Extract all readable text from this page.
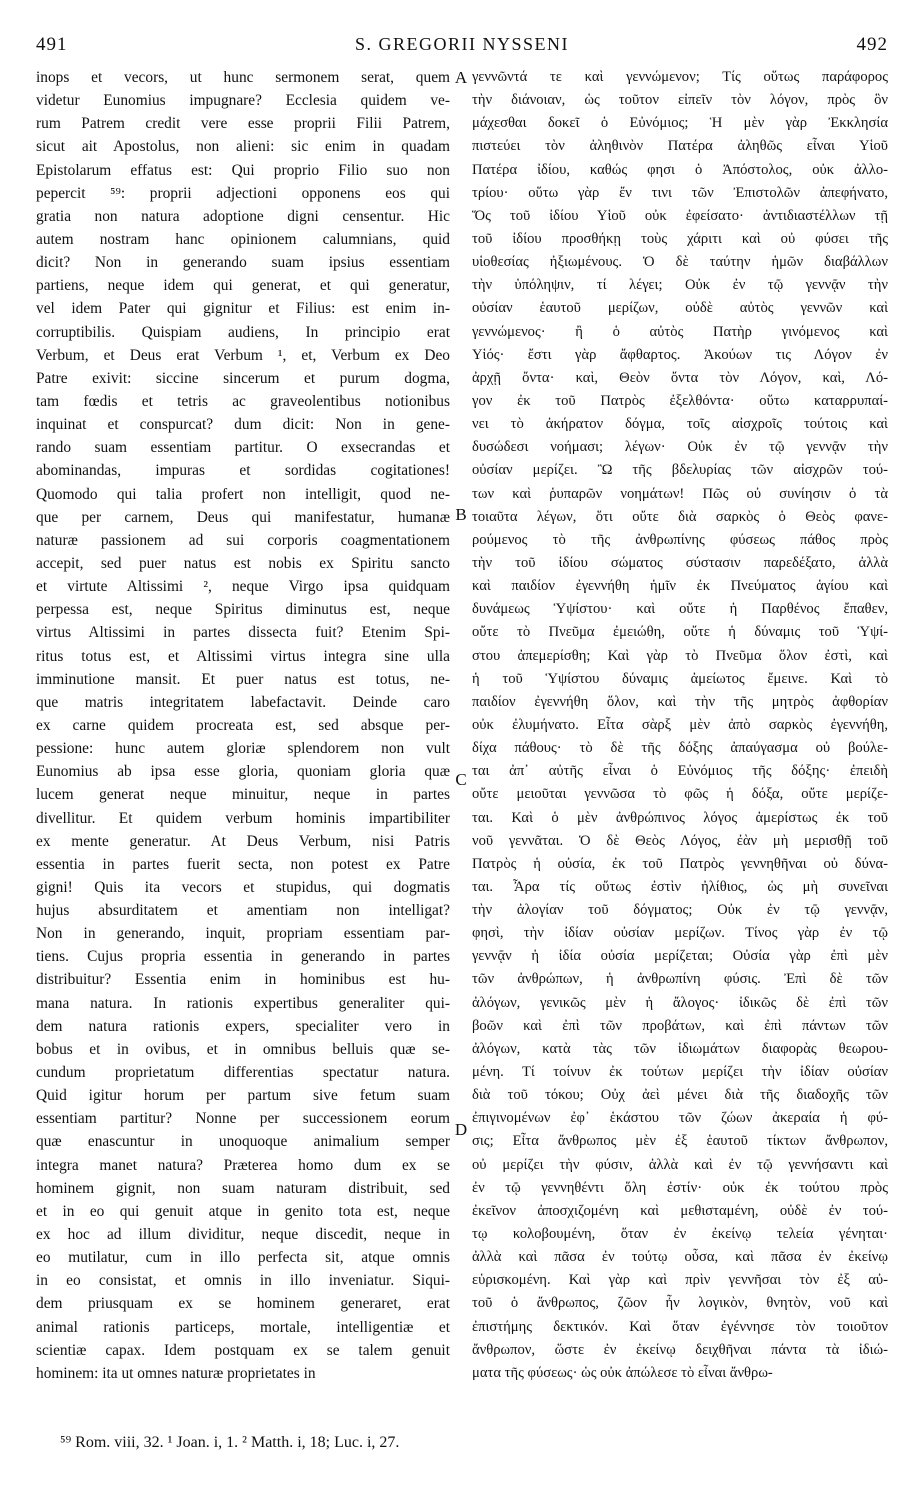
491	S. GREGORII NYSSENI	492
inops et vecors, ut hunc sermonem serat, quem
videtur Eunomius impugnare? Ecclesia quidem ve-
rum Patrem credit vere esse proprii Filii Patrem,
sicut ait Apostolus, non alieni: sic enim in quadam
Epistolarum effatus est: Qui proprio Filio suo non
pepercit ⁵⁹: proprii adjectioni opponens eos qui
gratia non natura adoptione digni censentur. Hic
autem nostram hanc opinionem calumnians, quid
dicit? Non in generando suam ipsius essentiam
partiens, neque idem qui generat, et qui generatur,
vel idem Pater qui gignitur et Filius: est enim in-
corruptibilis. Quispiam audiens, In principio erat
Verbum, et Deus erat Verbum ¹, et, Verbum ex Deo
Patre exivit: siccine sincerum et purum dogma,
tam fœdis et tetris ac graveolentibus notionibus
inquinat et conspurcat? dum dicit: Non in gene-
rando suam essentiam partitur. O exsecrandas et
abominandas, impuras et sordidas cogitationes!
Quomodo qui talia profert non intelligit, quod ne-
que per carnem, Deus qui manifestatur, humanæ
naturæ passionem ad sui corporis coagmentationem
accepit, sed puer natus est nobis ex Spiritu sancto
et virtute Altissimi ², neque Virgo ipsa quidquam
perpessa est, neque Spiritus diminutus est, neque
virtus Altissimi in partes dissecta fuit? Etenim Spi-
ritus totus est, et Altissimi virtus integra sine ulla
imminutione mansit. Et puer natus est totus, ne-
que matris integritatem labefactavit. Deinde caro
ex carne quidem procreata est, sed absque per-
pessione: hunc autem gloriæ splendorem non vult
Eunomius ab ipsa esse gloria, quoniam gloria quæ
lucem generat neque minuitur, neque in partes
divellitur. Et quidem verbum hominis impartibiliter
ex mente generatur. At Deus Verbum, nisi Patris
essentia in partes fuerit secta, non potest ex Patre
gigni! Quis ita vecors et stupidus, qui dogmatis
hujus absurditatem et amentiam non intelligat?
Non in generando, inquit, propriam essentiam par-
tiens. Cujus propria essentia in generando in partes
distribuitur? Essentia enim in hominibus est hu-
mana natura. In rationis expertibus generaliter qui-
dem natura rationis expers, specialiter vero in
bobus et in ovibus, et in omnibus belluis quæ se-
cundum proprietatum differentias spectatur natura.
Quid igitur horum per partum sive fetum suam
essentiam partitur? Nonne per successionem eorum
quæ enascuntur in unoquoque animalium semper
integra manet natura? Præterea homo dum ex se
hominem gignit, non suam naturam distribuit, sed
et in eo qui genuit atque in genito tota est, neque
ex hoc ad illum dividitur, neque discedit, neque in
eo mutilatur, cum in illo perfecta sit, atque omnis
in eo consistat, et omnis in illo inveniatur. Siqui-
dem priusquam ex se hominem generaret, erat
animal rationis particeps, mortale, intelligentiæ et
scientiæ capax. Idem postquam ex se talem genuit
hominem: ita ut omnes naturæ proprietates in
A
B
C
D
γεννῶντά τε καὶ γεννώμενον; Τίς οὕτως παράφορος
τὴν διάνοιαν, ὡς τοῦτον εἰπεῖν τὸν λόγον, πρὸς ὃν
μάχεσθαι δοκεῖ ὁ Εὐνόμιος; Ἡ μὲν γὰρ Ἐκκλησία
πιστεύει τὸν ἀληθινὸν Πατέρα ἀληθῶς εἶναι Υἱοῦ
Πατέρα ἰδίου, καθώς φησι ὁ Ἀπόστολος, οὐκ ἀλλο-
τρίου· οὕτω γὰρ ἔν τινι τῶν Ἐπιστολῶν ἀπεφήνατο,
Ὅς τοῦ ἰδίου Υἱοῦ οὐκ ἐφείσατο· ἀντιδιαστέλλων τῇ
τοῦ ἰδίου προσθήκῃ τοὺς χάριτι καὶ οὐ φύσει τῆς
υἱοθεσίας ἠξιωμένους. Ὁ δὲ ταύτην ἡμῶν διαβάλλων
τὴν ὑπόληψιν, τί λέγει; Οὐκ ἐν τῷ γεννᾷν τὴν
οὐσίαν ἑαυτοῦ μερίζων, οὐδὲ αὐτὸς γεννῶν καὶ
γεννώμενος· ἢ ὁ αὐτὸς Πατὴρ γινόμενος καὶ
Υἱός· ἔστι γὰρ ἄφθαρτος. Ἀκούων τις Λόγον ἐν
ἀρχῇ ὄντα· καὶ, Θεὸν ὄντα τὸν Λόγον, καὶ, Λό-
γον ἐκ τοῦ Πατρὸς ἐξελθόντα· οὕτω καταρρυπαί-
νει τὸ ἀκήρατον δόγμα, τοῖς αἰσχροῖς τούτοις καὶ
δυσώδεσι νοήμασι; λέγων· Οὐκ ἐν τῷ γεννᾷν τὴν
οὐσίαν μερίζει. Ὢ τῆς βδελυρίας τῶν αἰσχρῶν τού-
των καὶ ῥυπαρῶν νοημάτων! Πῶς οὐ συνίησιν ὁ τὰ
τοιαῦτα λέγων, ὅτι οὔτε διὰ σαρκὸς ὁ Θεὸς φανε-
ρούμενος τὸ τῆς ἀνθρωπίνης φύσεως πάθος πρὸς
τὴν τοῦ ἰδίου σώματος σύστασιν παρεδέξατο, ἀλλὰ
καὶ παιδίον ἐγεννήθη ἡμῖν ἐκ Πνεύματος ἁγίου καὶ
δυνάμεως Ὑψίστου· καὶ οὔτε ἡ Παρθένος ἔπαθεν,
οὔτε τὸ Πνεῦμα ἐμειώθη, οὔτε ἡ δύναμις τοῦ Ὑψί-
στου ἀπεμερίσθη; Καὶ γὰρ τὸ Πνεῦμα ὅλον ἐστὶ, καὶ
ἡ τοῦ Ὑψίστου δύναμις ἀμείωτος ἔμεινε. Καὶ τὸ
παιδίον ἐγεννήθη ὅλον, καὶ τὴν τῆς μητρὸς ἀφθορίαν
οὐκ ἐλυμήνατο. Εἶτα σὰρξ μὲν ἀπὸ σαρκὸς ἐγεννήθη,
δίχα πάθους· τὸ δὲ τῆς δόξης ἀπαύγασμα οὐ βούλε-
ται ἀπ᾿ αὐτῆς εἶναι ὁ Εὐνόμιος τῆς δόξης· ἐπειδὴ
οὔτε μειοῦται γεννῶσα τὸ φῶς ἡ δόξα, οὔτε μερίζε-
ται. Καὶ ὁ μὲν ἀνθρώπινος λόγος ἀμερίστως ἐκ τοῦ
νοῦ γεννᾶται. Ὁ δὲ Θεὸς Λόγος, ἐὰν μὴ μερισθῇ τοῦ
Πατρὸς ἡ οὐσία, ἐκ τοῦ Πατρὸς γεννηθῆναι οὐ δύνα-
ται. Ἆρα τίς οὕτως ἐστὶν ἠλίθιος, ὡς μὴ συνεῖναι
τὴν ἀλογίαν τοῦ δόγματος; Οὐκ ἐν τῷ γεννᾷν,
φησὶ, τὴν ἰδίαν οὐσίαν μερίζων. Τίνος γὰρ ἐν τῷ
γεννᾷν ἡ ἰδία οὐσία μερίζεται; Οὐσία γὰρ ἐπὶ μὲν
τῶν ἀνθρώπων, ἡ ἀνθρωπίνη φύσις. Ἐπὶ δὲ τῶν
ἀλόγων, γενικῶς μὲν ἡ ἄλογος· ἰδικῶς δὲ ἐπὶ τῶν
βοῶν καὶ ἐπὶ τῶν προβάτων, καὶ ἐπὶ πάντων τῶν
ἀλόγων, κατὰ τὰς τῶν ἰδιωμάτων διαφορὰς θεωρου-
μένη. Τί τοίνυν ἐκ τούτων μερίζει τὴν ἰδίαν οὐσίαν
διὰ τοῦ τόκου; Οὐχ ἀεὶ μένει διὰ τῆς διαδοχῆς τῶν
ἐπιγινομένων ἐφ᾿ ἑκάστου τῶν ζώων ἀκεραία ἡ φύ-
σις; Εἶτα ἄνθρωπος μὲν ἐξ ἑαυτοῦ τίκτων ἄνθρωπον,
οὐ μερίζει τὴν φύσιν, ἀλλὰ καὶ ἐν τῷ γεννήσαντι καὶ
ἐν τῷ γεννηθέντι ὅλη ἐστίν· οὐκ ἐκ τούτου πρὸς
ἐκεῖνον ἀποσχιζομένη καὶ μεθισταμένη, οὐδὲ ἐν τού-
τῳ κολοβουμένη, ὅταν ἐν ἐκείνῳ τελεία γένηται·
ἀλλὰ καὶ πᾶσα ἐν τούτῳ οὖσα, καὶ πᾶσα ἐν ἐκείνῳ
εὑρισκομένη. Καὶ γὰρ καὶ πρὶν γεννῆσαι τὸν ἐξ αὐ-
τοῦ ὁ ἄνθρωπος, ζῶον ἦν λογικὸν, θνητὸν, νοῦ καὶ
ἐπιστήμης δεκτικόν. Καὶ ὅταν ἐγέννησε τὸν τοιοῦτον
ἄνθρωπον, ὥστε ἐν ἐκείνῳ δειχθῆναι πάντα τὰ ἰδιώ-
ματα τῆς φύσεως· ὡς οὐκ ἀπώλεσε τὸ εἶναι ἄνθρω-
⁵⁹ Rom. viii, 32. ¹ Joan. i, 1. ² Matth. i, 18; Luc. i, 27.
